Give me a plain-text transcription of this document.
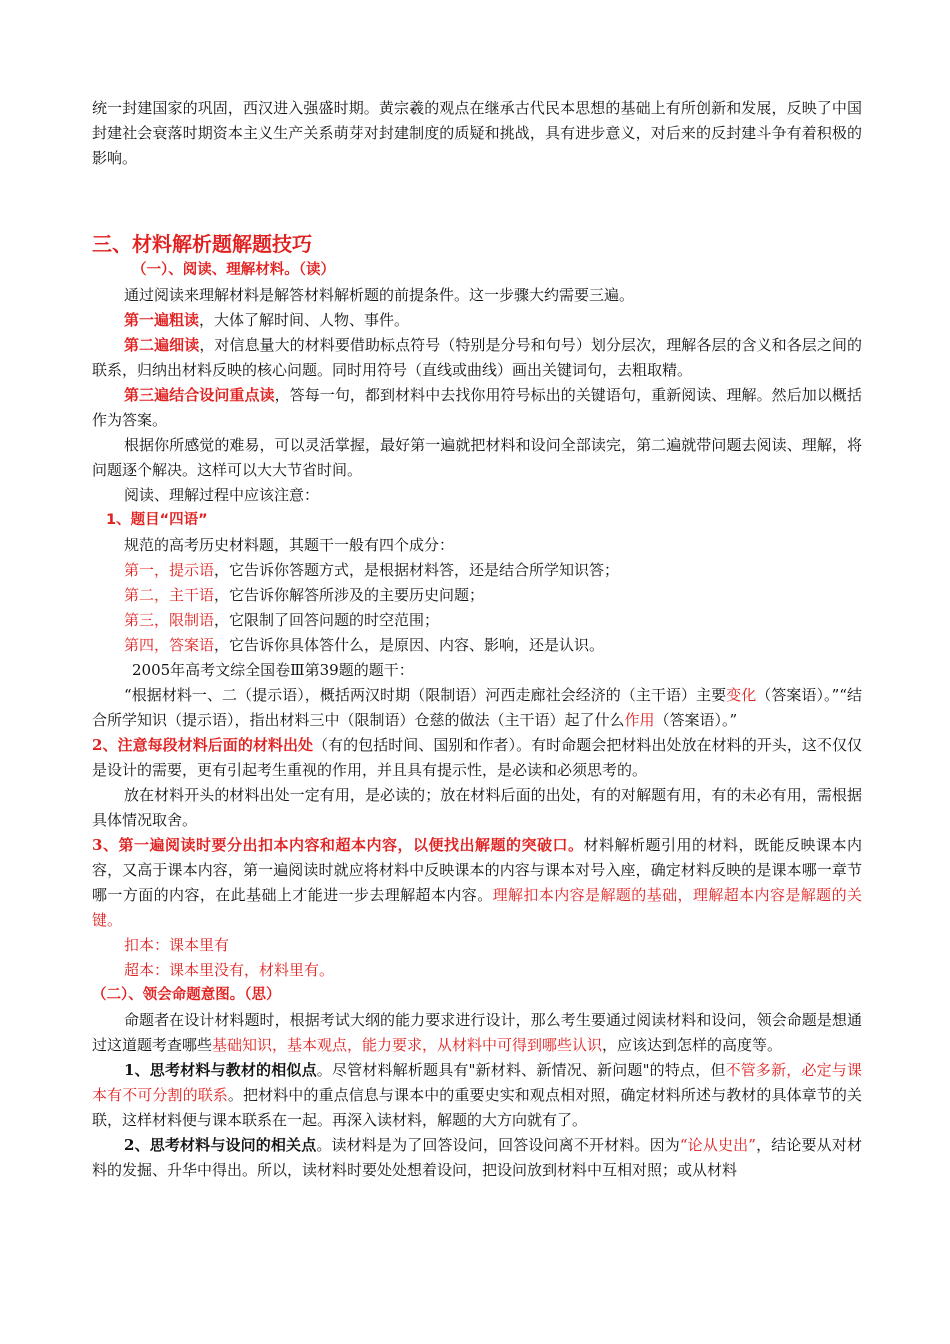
统一封建国家的巩固，西汉进入强盛时期。黄宗羲的观点在继承古代民本思想的基础上有所创新和发展，反映了中国封建社会衰落时期资本主义生产关系萌芽对封建制度的质疑和挑战，具有进步意义，对后来的反封建斗争有着积极的影响。

三、材料解析题解题技巧

（一）、阅读、理解材料。（读）

通过阅读来理解材料是解答材料解析题的前提条件。这一步骤大约需要三遍。

第一遍粗读，大体了解时间、人物、事件。

第二遍细读，对信息量大的材料要借助标点符号（特别是分号和句号）划分层次，理解各层的含义和各层之间的联系，归纳出材料反映的核心问题。同时用符号（直线或曲线）画出关键词句，去粗取精。

第三遍结合设问重点读，答每一句，都到材料中去找你用符号标出的关键语句，重新阅读、理解。然后加以概括作为答案。

根据你所感觉的难易，可以灵活掌握，最好第一遍就把材料和设问全部读完，第二遍就带问题去阅读、理解，将问题逐个解决。这样可以大大节省时间。

阅读、理解过程中应该注意：

1、题目“四语”

规范的高考历史材料题，其题干一般有四个成分：

第一，提示语，它告诉你答题方式，是根据材料答，还是结合所学知识答；

第二，主干语，它告诉你解答所涉及的主要历史问题；

第三，限制语，它限制了回答问题的时空范围；

第四，答案语，它告诉你具体答什么，是原因、内容、影响，还是认识。

2005年高考文综全国卷Ⅲ第39题的题干：

“根据材料一、二（提示语），概括两汉时期（限制语）河西走廊社会经济的（主干语）主要变化（答案语）。”“结合所学知识（提示语），指出材料三中（限制语）仓慈的做法（主干语）起了什么作用（答案语）。”

2、注意每段材料后面的材料出处（有的包括时间、国别和作者）。有时命题会把材料出处放在材料的开头，这不仅仅是设计的需要，更有引起考生重视的作用，并且具有提示性，是必读和必须思考的。

放在材料开头的材料出处一定有用，是必读的；放在材料后面的出处，有的对解题有用，有的未必有用，需根据具体情况取舍。

3、第一遍阅读时要分出扣本内容和超本内容，以便找出解题的突破口。材料解析题引用的材料，既能反映课本内容，又高于课本内容，第一遍阅读时就应将材料中反映课本的内容与课本对号入座，确定材料反映的是课本哪一章节哪一方面的内容，在此基础上才能进一步去理解超本内容。理解扣本内容是解题的基础，理解超本内容是解题的关键。

扣本：课本里有

超本：课本里没有，材料里有。

（二）、领会命题意图。（思）

命题者在设计材料题时，根据考试大纲的能力要求进行设计，那么考生要通过阅读材料和设问，领会命题是想通过这道题考查哪些基础知识，基本观点，能力要求，从材料中可得到哪些认识，应该达到怎样的高度等。

1、思考材料与教材的相似点。尽管材料解析题具有"新材料、新情况、新问题"的特点，但不管多新，必定与课本有不可分割的联系。把材料中的重点信息与课本中的重要史实和观点相对照，确定材料所述与教材的具体章节的关联，这样材料便与课本联系在一起。再深入读材料，解题的大方向就有了。

2、思考材料与设问的相关点。读材料是为了回答设问，回答设问离不开材料。因为“论从史出”，结论要从对材料的发掘、升华中得出。所以，读材料时要处处想着设问，把设问放到材料中互相对照；或从材料
